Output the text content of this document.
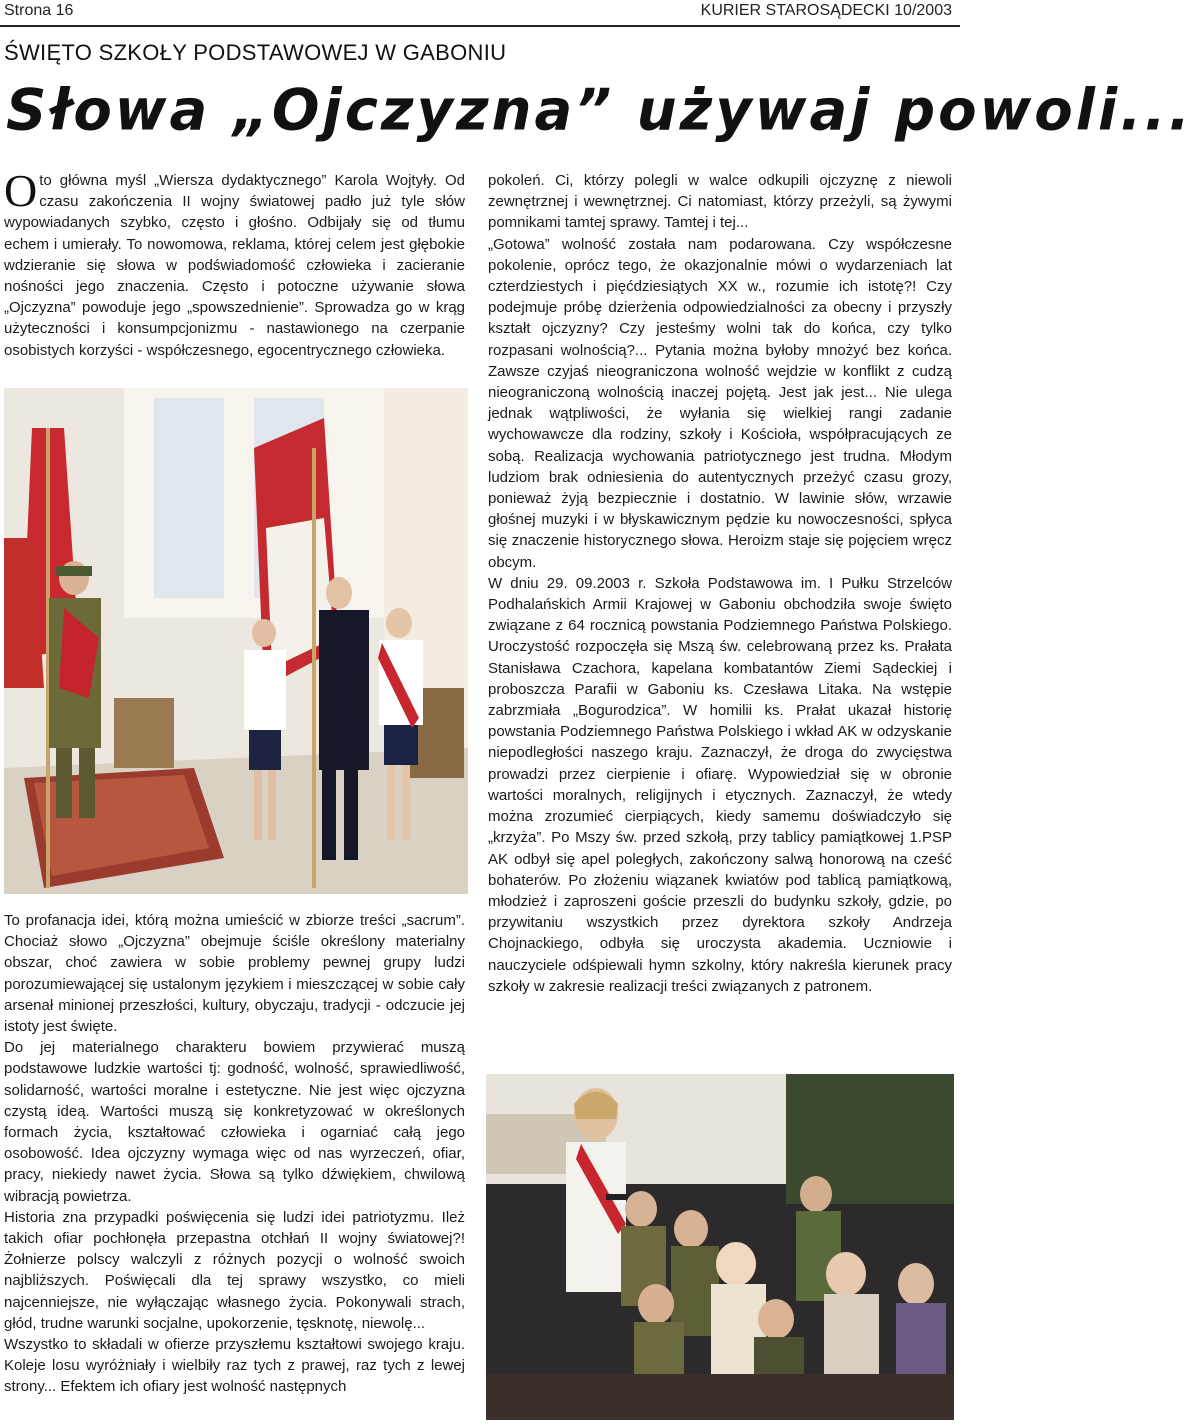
Strona 16	KURIER STAROSĄDECKI 10/2003
ŚWIĘTO SZKOŁY PODSTAWOWEJ W GABONIU
Słowa „Ojczyzna” używaj powoli...

Oto główna myśl „Wiersza dydaktycznego” Karola Wojtyły. Od czasu zakończenia II wojny światowej padło już tyle słów wypowiadanych szybko, często i głośno. Odbijały się od tłumu echem i umierały. To nowomowa, reklama, której celem jest głębokie wdzieranie się słowa w podświadomość człowieka i zacieranie nośności jego znaczenia. Często i potoczne używanie słowa „Ojczyzna” powoduje jego „spowszednienie”. Sprowadza go w krąg użyteczności i konsumpcjonizmu - nastawionego na czerpanie osobistych korzyści - współczesnego, egocentrycznego człowieka.

To profanacja idei, którą można umieścić w zbiorze treści „sacrum”. Chociaż słowo „Ojczyzna” obejmuje ściśle określony materialny obszar, choć zawiera w sobie problemy pewnej grupy ludzi porozumiewającej się ustalonym językiem i mieszczącej w sobie cały arsenał minionej przeszłości, kultury, obyczaju, tradycji - odczucie jej istoty jest święte.

Do jej materialnego charakteru bowiem przywierać muszą podstawowe ludzkie wartości tj: godność, wolność, sprawiedliwość, solidarność, wartości moralne i estetyczne. Nie jest więc ojczyzna czystą ideą. Wartości muszą się konkretyzować w określonych formach życia, kształtować człowieka i ogarniać całą jego osobowość. Idea ojczyzny wymaga więc od nas wyrzeczeń, ofiar, pracy, niekiedy nawet życia. Słowa są tylko dźwiękiem, chwilową wibracją powietrza.

Historia zna przypadki poświęcenia się ludzi idei patriotyzmu. Ileż takich ofiar pochłonęła przepastna otchłań II wojny światowej?! Żołnierze polscy walczyli z różnych pozycji o wolność swoich najbliższych. Poświęcali dla tej sprawy wszystko, co mieli najcenniejsze, nie wyłączając własnego życia. Pokonywali strach, głód, trudne warunki socjalne, upokorzenie, tęsknotę, niewolę...

Wszystko to składali w ofierze przyszłemu kształtowi swojego kraju. Koleje losu wyróżniały i wielbiły raz tych z prawej, raz tych z lewej strony... Efektem ich ofiary jest wolność następnych

pokoleń. Ci, którzy polegli w walce odkupili ojczyznę z niewoli zewnętrznej i wewnętrznej. Ci natomiast, którzy przeżyli, są żywymi pomnikami tamtej sprawy. Tamtej i tej...

„Gotowa” wolność została nam podarowana. Czy współczesne pokolenie, oprócz tego, że okazjonalnie mówi o wydarzeniach lat czterdziestych i pięćdziesiątych XX w., rozumie ich istotę?! Czy podejmuje próbę dzierżenia odpowiedzialności za obecny i przyszły kształt ojczyzny? Czy jesteśmy wolni tak do końca, czy tylko rozpasani wolnością?... Pytania można byłoby mnożyć bez końca. Zawsze czyjaś nieograniczona wolność wejdzie w konflikt z cudzą nieograniczoną wolnością inaczej pojętą. Jest jak jest... Nie ulega jednak wątpliwości, że wyłania się wielkiej rangi zadanie wychowawcze dla rodziny, szkoły i Kościoła, współpracujących ze sobą. Realizacja wychowania patriotycznego jest trudna. Młodym ludziom brak odniesienia do autentycznych przeżyć czasu grozy, ponieważ żyją bezpiecznie i dostatnio. W lawinie słów, wrzawie głośnej muzyki i w błyskawicznym pędzie ku nowoczesności, spłyca się znaczenie historycznego słowa. Heroizm staje się pojęciem wręcz obcym.

W dniu 29. 09.2003 r. Szkoła Podstawowa im. I Pułku Strzelców Podhalańskich Armii Krajowej w Gaboniu obchodziła swoje święto związane z 64 rocznicą powstania Podziemnego Państwa Polskiego. Uroczystość rozpoczęła się Mszą św. celebrowaną przez ks. Prałata Stanisława Czachora, kapelana kombatantów Ziemi Sądeckiej i proboszcza Parafii w Gaboniu ks. Czesława Litaka. Na wstępie zabrzmiała „Bogurodzica”. W homilii ks. Prałat ukazał historię powstania Podziemnego Państwa Polskiego i wkład AK w odzyskanie niepodległości naszego kraju. Zaznaczył, że droga do zwycięstwa prowadzi przez cierpienie i ofiarę. Wypowiedział się w obronie wartości moralnych, religijnych i etycznych. Zaznaczył, że wtedy można zrozumieć cierpiących, kiedy samemu doświadczyło się „krzyża”. Po Mszy św. przed szkołą, przy tablicy pamiątkowej 1.PSP AK odbył się apel poległych, zakończony salwą honorową na cześć bohaterów. Po złożeniu wiązanek kwiatów pod tablicą pamiątkową, młodzież i zaproszeni goście przeszli do budynku szkoły, gdzie, po przywitaniu wszystkich przez dyrektora szkoły Andrzeja Chojnackiego, odbyła się uroczysta akademia. Uczniowie i nauczyciele odśpiewali hymn szkolny, który nakreśla kierunek pracy szkoły w zakresie realizacji treści związanych z patronem.
